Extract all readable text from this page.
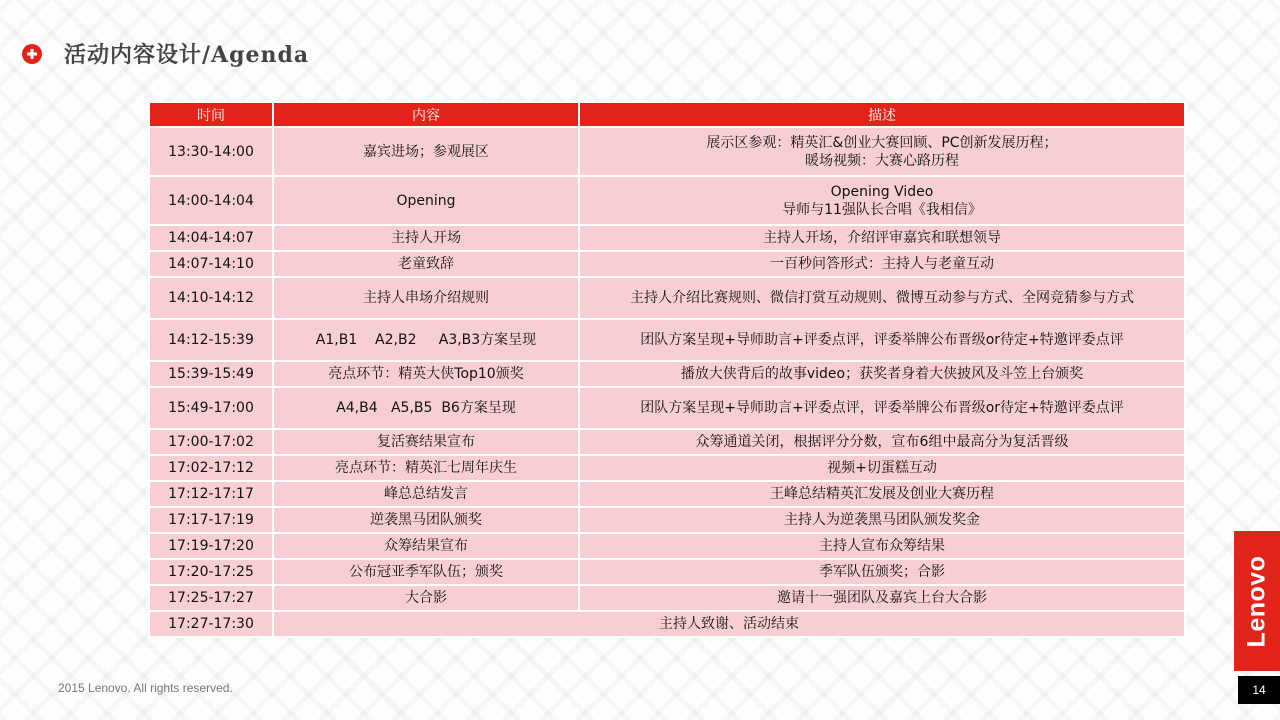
活动内容设计/Agenda
时间	内容	描述
13:30-14:00	嘉宾进场；参观展区	展示区参观：精英汇&创业大赛回顾、PC创新发展历程；
暖场视频：大赛心路历程

14:00-14:04	Opening	Opening Video
导师与11强队长合唱《我相信》

14:04-14:07	主持人开场	主持人开场，介绍评审嘉宾和联想领导

14:07-14:10	老童致辞	一百秒问答形式：主持人与老童互动

14:10-14:12	主持人串场介绍规则	主持人介绍比赛规则、微信打赏互动规则、微博互动参与方式、全网竞猜参与方式

14:12-15:39	A1,B1    A2,B2     A3,B3方案呈现	团队方案呈现+导师助言+评委点评，评委举牌公布晋级or待定+特邀评委点评

15:39-15:49	亮点环节：精英大侠Top10颁奖	播放大侠背后的故事video；获奖者身着大侠披风及斗笠上台颁奖

15:49-17:00	A4,B4   A5,B5  B6方案呈现	团队方案呈现+导师助言+评委点评，评委举牌公布晋级or待定+特邀评委点评

17:00-17:02	复活赛结果宣布	众筹通道关闭，根据评分分数，宣布6组中最高分为复活晋级

17:02-17:12	亮点环节：精英汇七周年庆生	视频+切蛋糕互动

17:12-17:17	峰总总结发言	王峰总结精英汇发展及创业大赛历程

17:17-17:19	逆袭黑马团队颁奖	主持人为逆袭黑马团队颁发奖金

17:19-17:20	众筹结果宣布	主持人宣布众筹结果

17:20-17:25	公布冠亚季军队伍；颁奖	季军队伍颁奖；合影

17:25-17:27	大合影	邀请十一强团队及嘉宾上台大合影

17:27-17:30	主持人致谢、活动结束	
2015 Lenovo. All rights reserved.
Lenovo
14
